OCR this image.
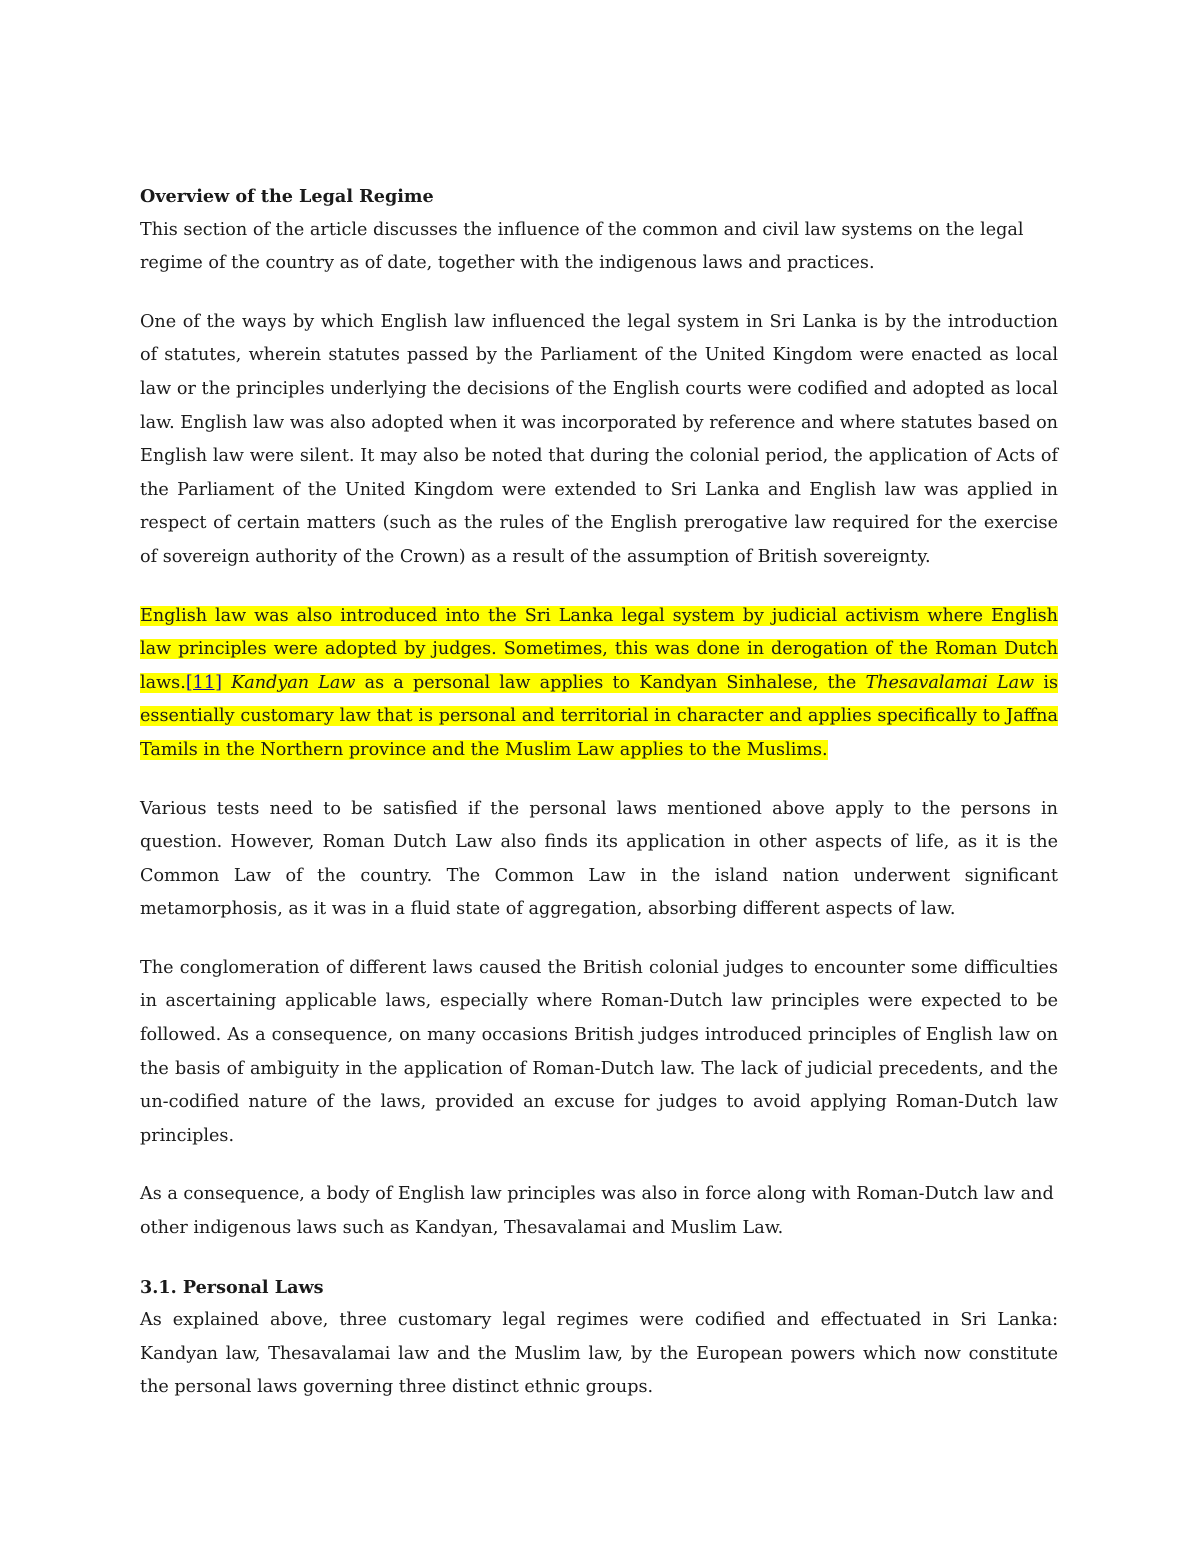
Overview of the Legal Regime

This section of the article discusses the influence of the common and civil law systems on the legal regime of the country as of date, together with the indigenous laws and practices.

One of the ways by which English law influenced the legal system in Sri Lanka is by the introduction of statutes, wherein statutes passed by the Parliament of the United Kingdom were enacted as local law or the principles underlying the decisions of the English courts were codified and adopted as local law. English law was also adopted when it was incorporated by reference and where statutes based on English law were silent. It may also be noted that during the colonial period, the application of Acts of the Parliament of the United Kingdom were extended to Sri Lanka and English law was applied in respect of certain matters (such as the rules of the English prerogative law required for the exercise of sovereign authority of the Crown) as a result of the assumption of British sovereignty.

English law was also introduced into the Sri Lanka legal system by judicial activism where English law principles were adopted by judges. Sometimes, this was done in derogation of the Roman Dutch laws.[11] Kandyan Law as a personal law applies to Kandyan Sinhalese, the Thesavalamai Law is essentially customary law that is personal and territorial in character and applies specifically to Jaffna Tamils in the Northern province and the Muslim Law applies to the Muslims.

Various tests need to be satisfied if the personal laws mentioned above apply to the persons in question. However, Roman Dutch Law also finds its application in other aspects of life, as it is the Common Law of the country. The Common Law in the island nation underwent significant metamorphosis, as it was in a fluid state of aggregation, absorbing different aspects of law.

The conglomeration of different laws caused the British colonial judges to encounter some difficulties in ascertaining applicable laws, especially where Roman-Dutch law principles were expected to be followed. As a consequence, on many occasions British judges introduced principles of English law on the basis of ambiguity in the application of Roman-Dutch law. The lack of judicial precedents, and the un-codified nature of the laws, provided an excuse for judges to avoid applying Roman-Dutch law principles.

As a consequence, a body of English law principles was also in force along with Roman-Dutch law and other indigenous laws such as Kandyan, Thesavalamai and Muslim Law.

3.1. Personal Laws

As explained above, three customary legal regimes were codified and effectuated in Sri Lanka: Kandyan law, Thesavalamai law and the Muslim law, by the European powers which now constitute the personal laws governing three distinct ethnic groups.
